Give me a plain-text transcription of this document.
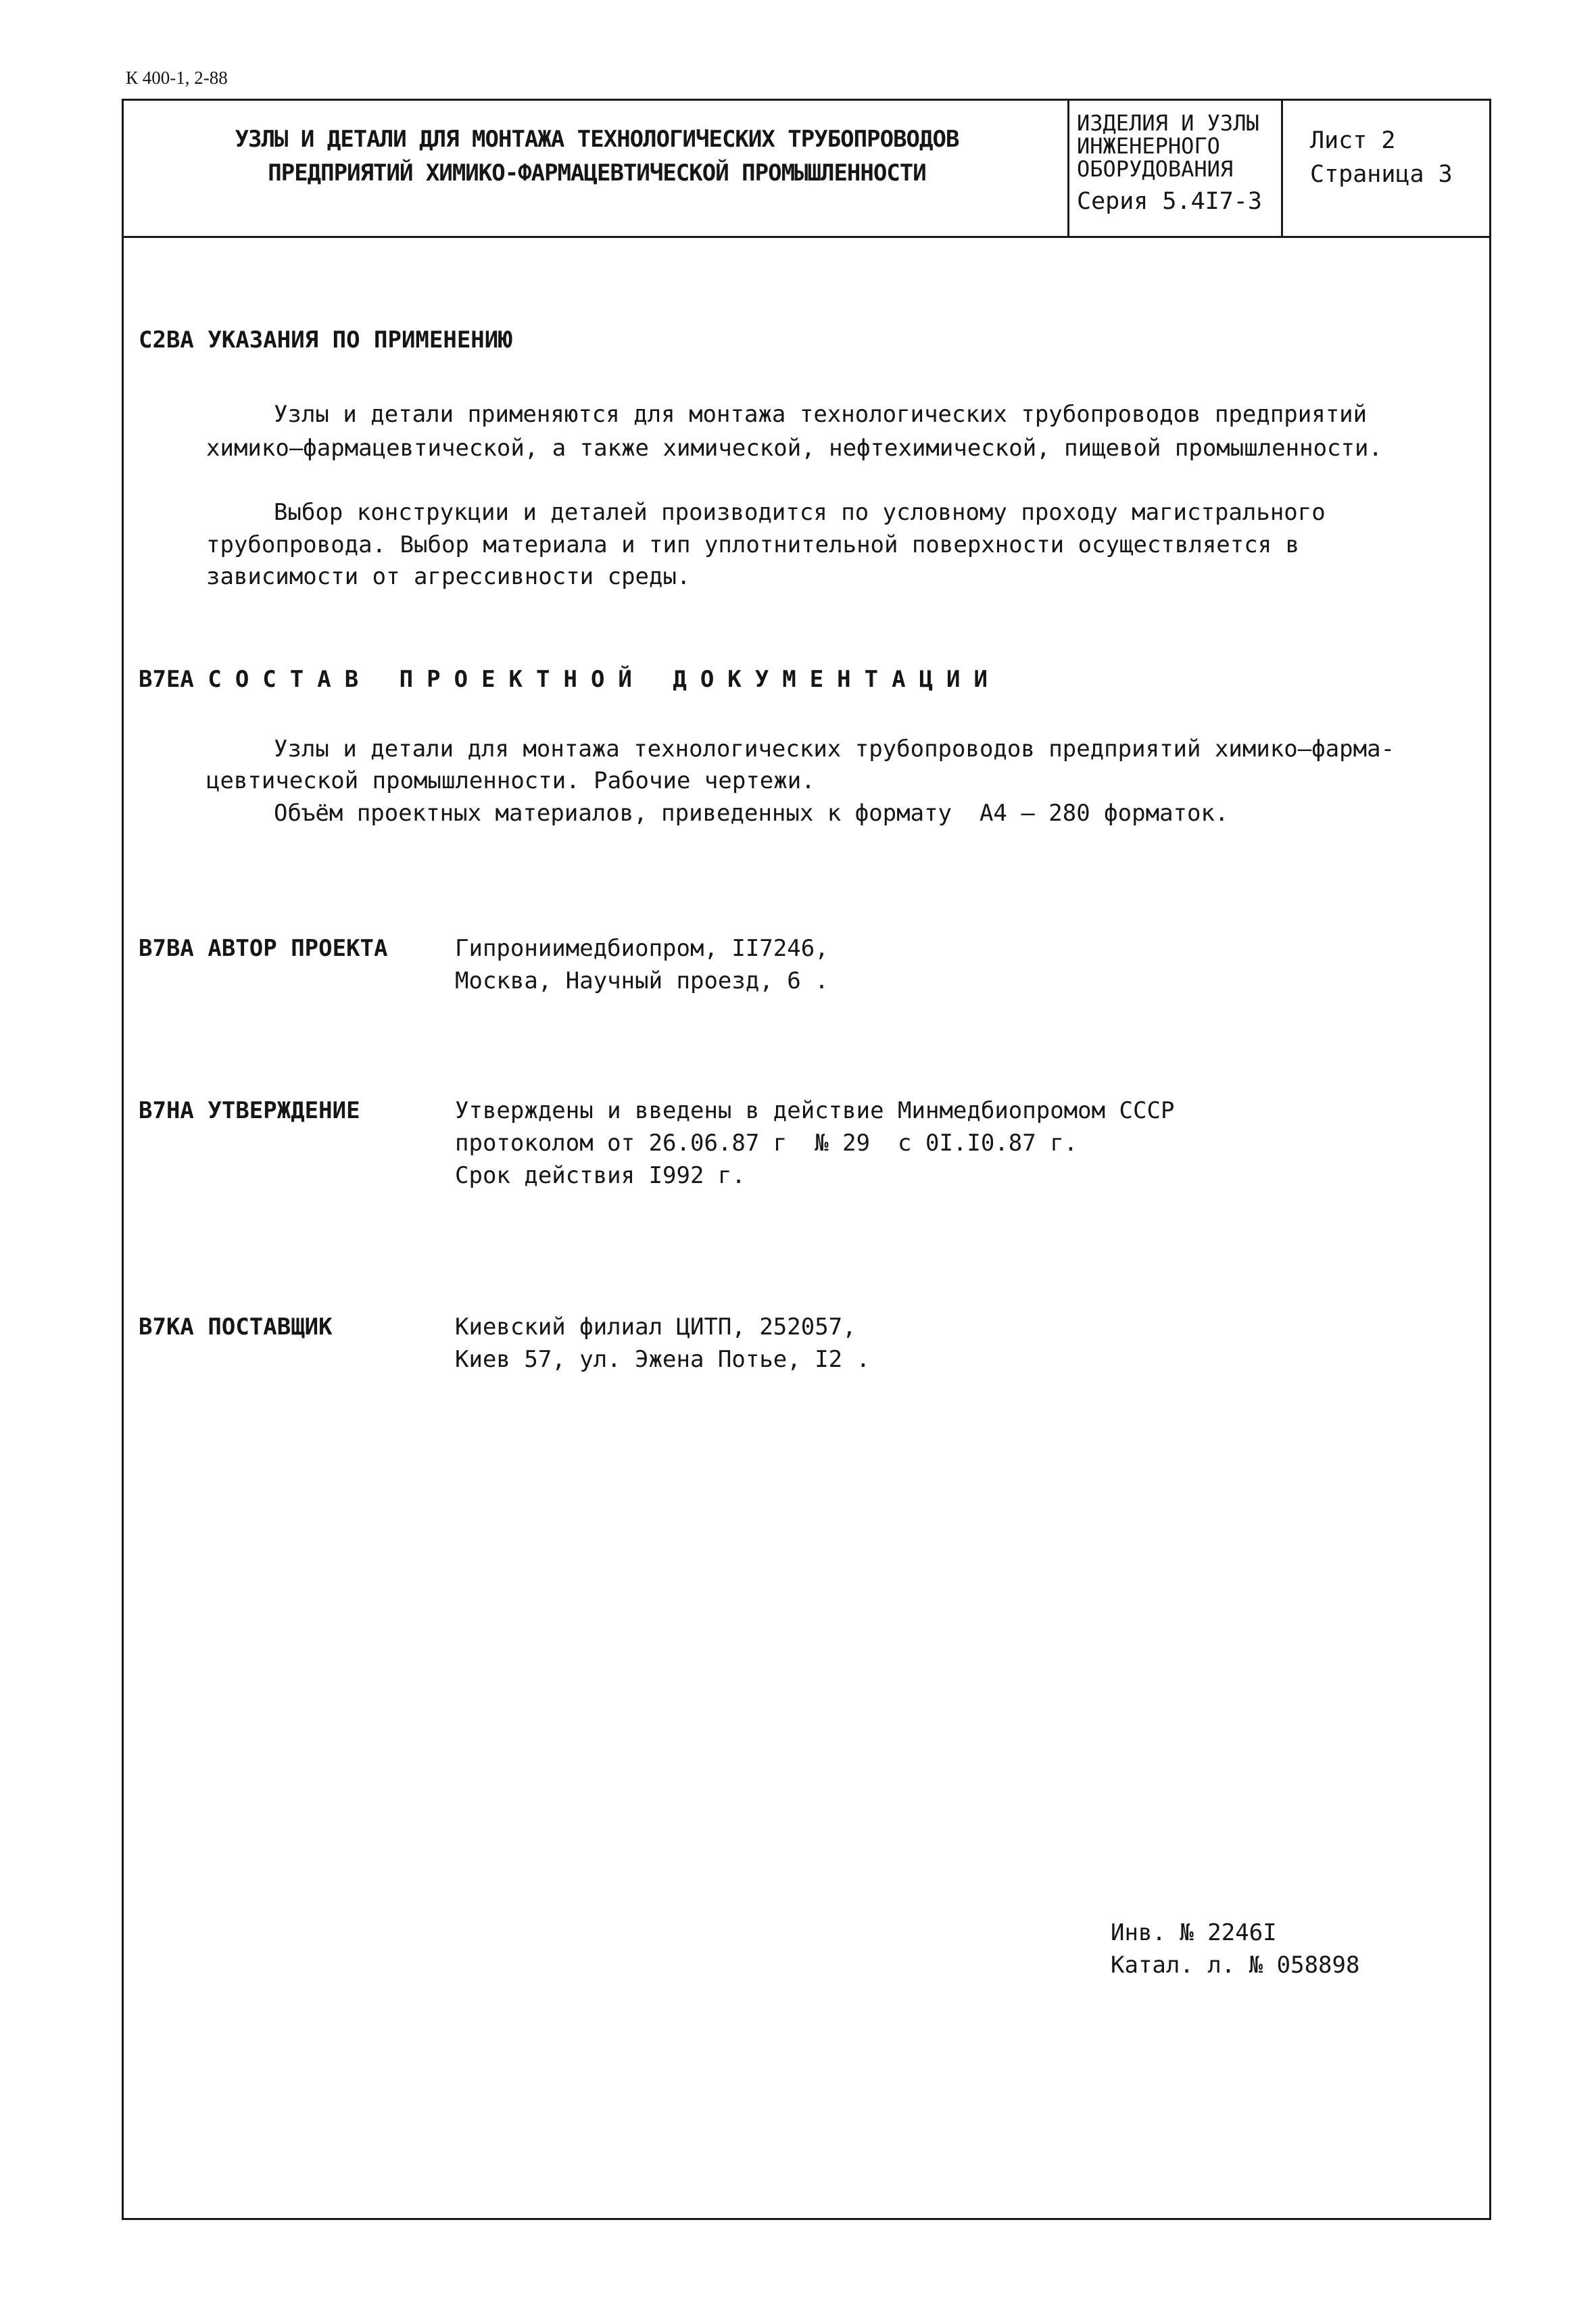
К 400-1, 2-88
УЗЛЫ И ДЕТАЛИ ДЛЯ МОНТАЖА ТЕХНОЛОГИЧЕСКИХ ТРУБОПРОВОДОВ
ПРЕДПРИЯТИЙ ХИМИКО-ФАРМАЦЕВТИЧЕСКОЙ ПРОМЫШЛЕННОСТИ
ИЗДЕЛИЯ И УЗЛЫ
ИНЖЕНЕРНОГО
ОБОРУДОВАНИЯ
Серия 5.4I7-3
Лист 2
Страница 3
С2ВА УКАЗАНИЯ ПО ПРИМЕНЕНИЮ
Узлы и детали применяются для монтажа технологических трубопроводов предприятий
химико–фармацевтической, а также химической, нефтехимической, пищевой промышленности.
Выбор конструкции и деталей производится по условному проходу магистрального
трубопровода. Выбор материала и тип уплотнительной поверхности осуществляется в
зависимости от агрессивности среды.
В7ЕА СОСТАВ ПРОЕКТНОЙ ДОКУМЕНТАЦИИ
Узлы и детали для монтажа технологических трубопроводов предприятий химико–фарма-
цевтической промышленности. Рабочие чертежи.
Объём проектных материалов, приведенных к формату  А4 – 280 форматок.
В7ВА АВТОР ПРОЕКТА	Гипрониимедбиопром, II7246,
Москва, Научный проезд, 6 .
В7НА УТВЕРЖДЕНИЕ	Утверждены и введены в действие Минмедбиопромом СССР
протоколом от 26.06.87 г  № 29  с 0I.I0.87 г.
Срок действия I992 г.
В7КА ПОСТАВЩИК	Киевский филиал ЦИТП, 252057,
Киев 57, ул. Эжена Потье, I2 .
Инв. № 2246I
Катал. л. № 058898
